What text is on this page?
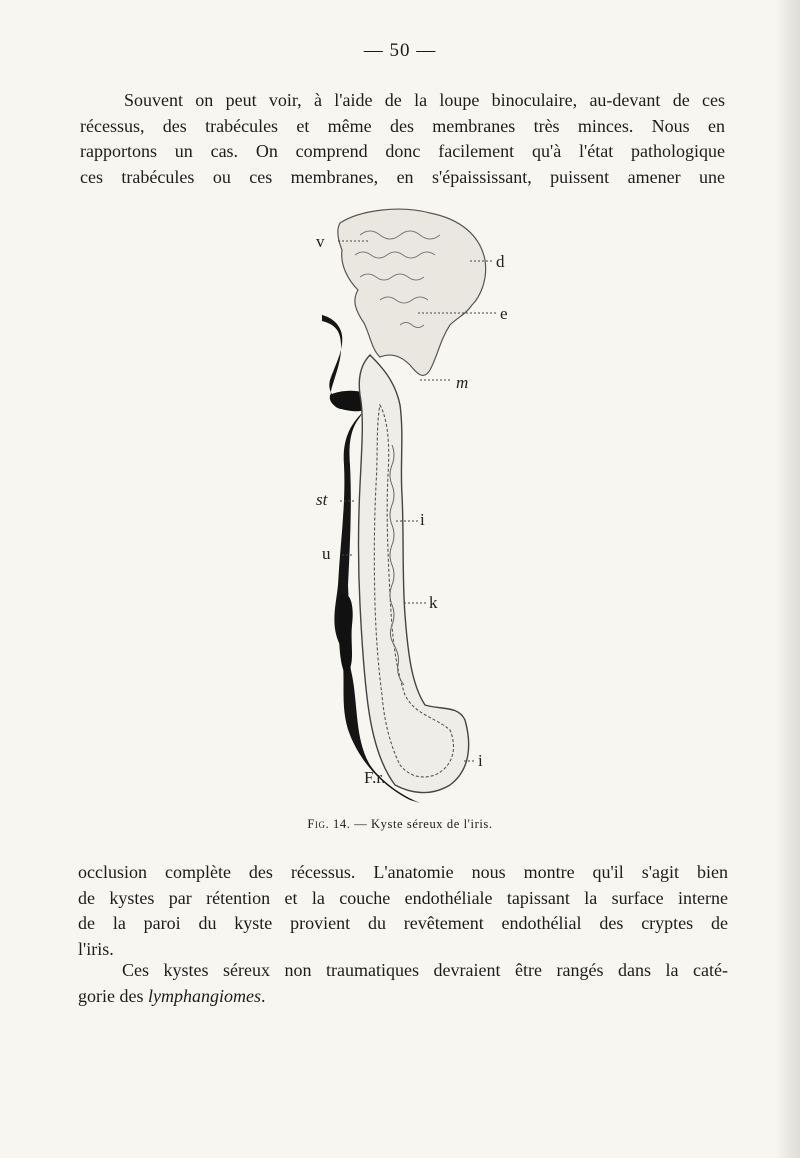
— 50 —

Souvent on peut voir, à l'aide de la loupe binoculaire, au-devant de ces
récessus, des trabécules et même des membranes très minces. Nous en
rapportons un cas. On comprend donc facilement qu'à l'état pathologique
ces trabécules ou ces membranes, en s'épaississant, puissent amener une

v
d
e
m
st
i
u
k
i
F.r.
Fig. 14. — Kyste séreux de l'iris.

occlusion complète des récessus. L'anatomie nous montre qu'il s'agit bien
de kystes par rétention et la couche endothéliale tapissant la surface interne
de la paroi du kyste provient du revêtement endothélial des cryptes de
l'iris.

Ces kystes séreux non traumatiques devraient être rangés dans la caté-
gorie des lymphangiomes.
